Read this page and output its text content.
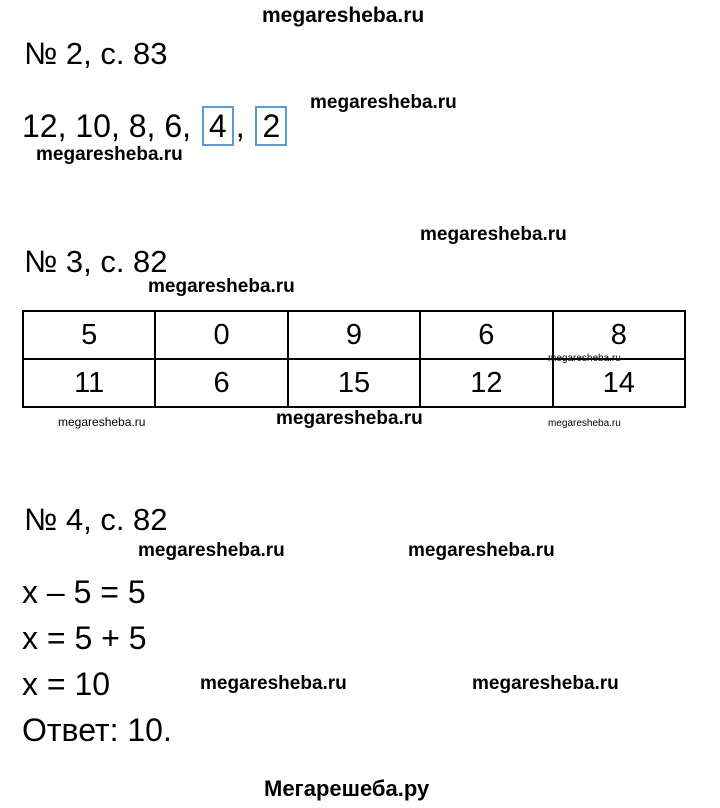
megaresheba.ru
№ 2, с. 83
megaresheba.ru
12, 10, 8, 6, 4 , 2
megaresheba.ru
megaresheba.ru
№ 3, с. 82
megaresheba.ru
5	0	9	6	8
11	6	15	12	14
megaresheba.ru
megaresheba.ru	megaresheba.ru	megaresheba.ru
№ 4, с. 82
megaresheba.ru	megaresheba.ru
x – 5 = 5
x = 5 + 5
x = 10	megaresheba.ru	megaresheba.ru
Ответ: 10.
Мегарешеба.ру
